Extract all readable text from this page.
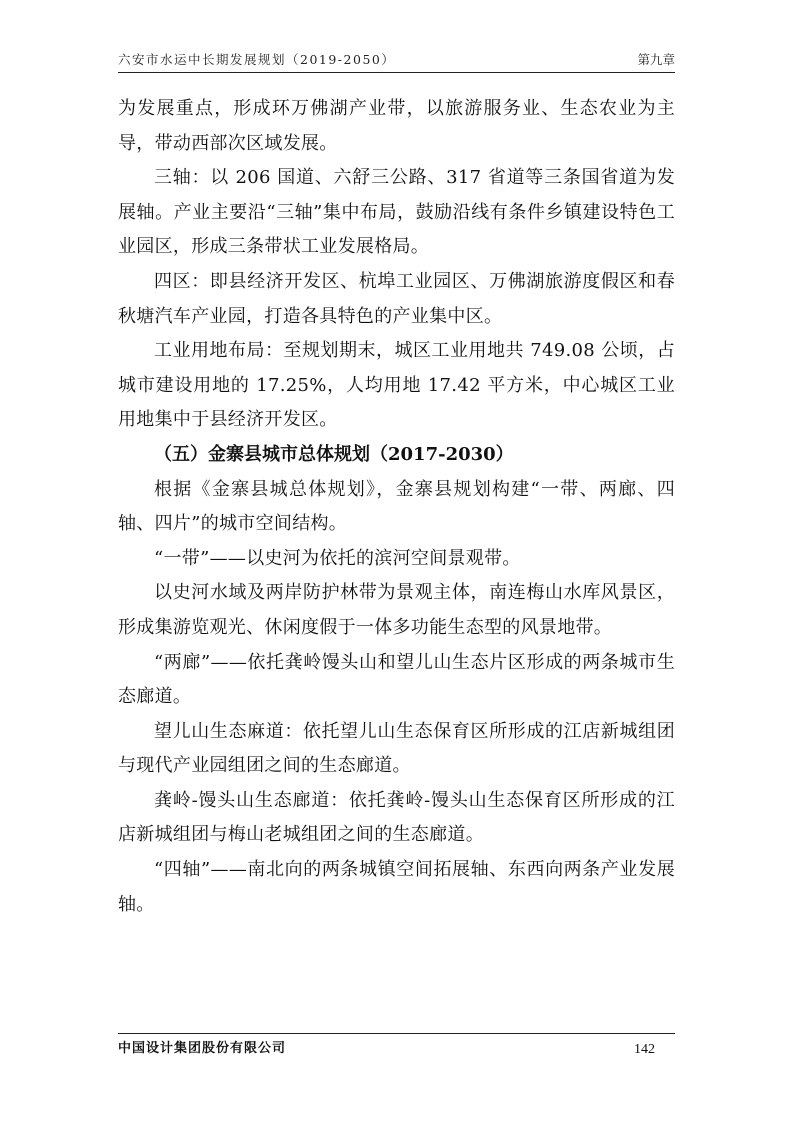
六安市水运中长期发展规划（2019-2050）	第九章

为发展重点，形成环万佛湖产业带，以旅游服务业、生态农业为主导，带动西部次区域发展。

三轴：以 206 国道、六舒三公路、317 省道等三条国省道为发展轴。产业主要沿“三轴”集中布局，鼓励沿线有条件乡镇建设特色工业园区，形成三条带状工业发展格局。

四区：即县经济开发区、杭埠工业园区、万佛湖旅游度假区和春秋塘汽车产业园，打造各具特色的产业集中区。

工业用地布局：至规划期末，城区工业用地共 749.08 公顷，占城市建设用地的 17.25%，人均用地 17.42 平方米，中心城区工业用地集中于县经济开发区。

（五）金寨县城市总体规划（2017-2030）

根据《金寨县城总体规划》，金寨县规划构建“一带、两廊、四轴、四片”的城市空间结构。

“一带”——以史河为依托的滨河空间景观带。

以史河水域及两岸防护林带为景观主体，南连梅山水库风景区，形成集游览观光、休闲度假于一体多功能生态型的风景地带。

“两廊”——依托龚岭馒头山和望儿山生态片区形成的两条城市生态廊道。

望儿山生态麻道：依托望儿山生态保育区所形成的江店新城组团与现代产业园组团之间的生态廊道。

龚岭-馒头山生态廊道：依托龚岭-馒头山生态保育区所形成的江店新城组团与梅山老城组团之间的生态廊道。

“四轴”——南北向的两条城镇空间拓展轴、东西向两条产业发展轴。

中国设计集团股份有限公司	142
